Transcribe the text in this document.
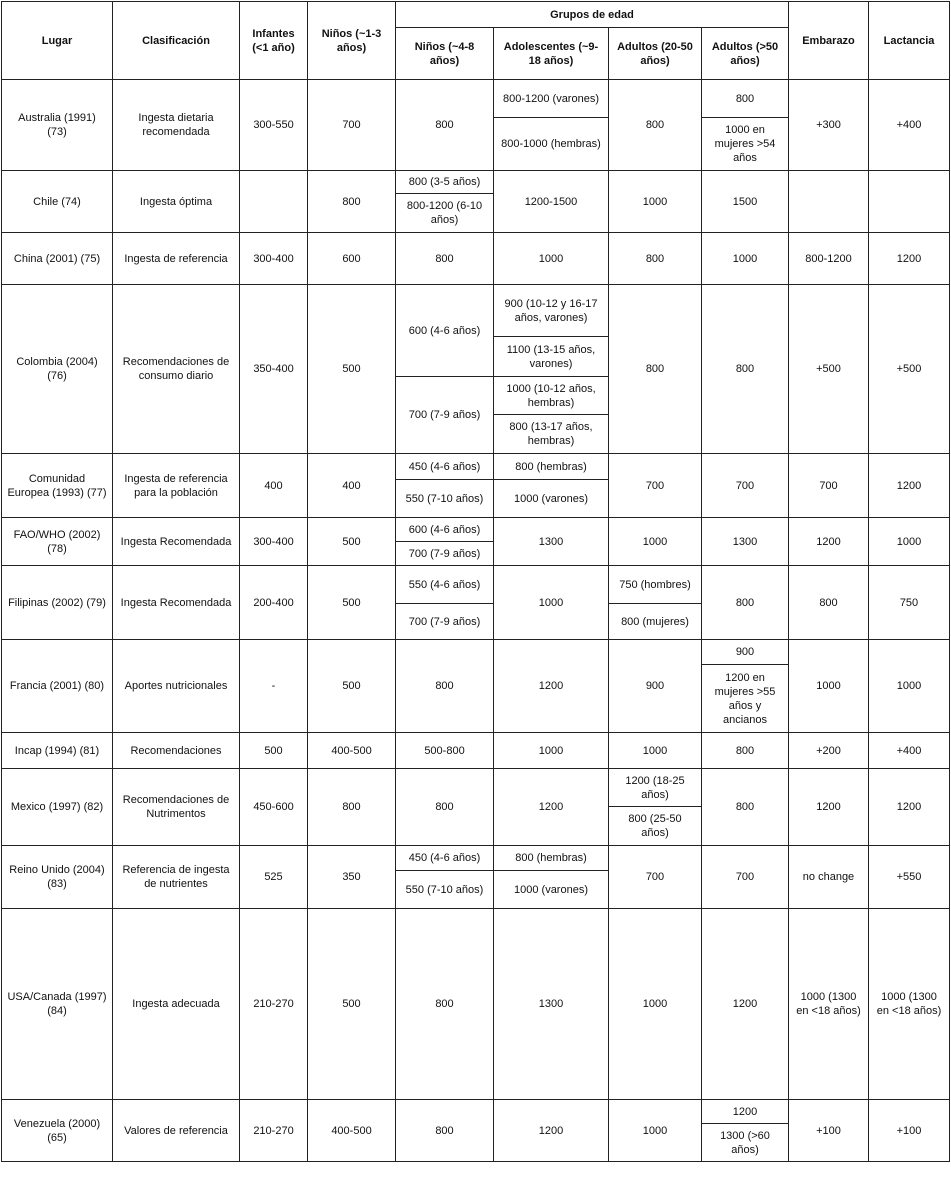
Lugar	Clasificación	Infantes (<1 año)	Niños (~1-3 años)	Grupos de edad				Embarazo	Lactancia
				Niños (~4-8 años)	Adolescentes (~9-18 años)	Adultos (20-50 años)	Adultos (>50 años)		
Australia (1991) (73)	Ingesta dietaria recomendada	300-550	700	800	800-1200 (varones)	800	800	+300	+400
					800-1000 (hembras)		1000 en mujeres >54 años		
Chile (74)	Ingesta óptima		800	800 (3-5 años)	1200-1500	1000	1500		
				800-1200 (6-10 años)					
China (2001) (75)	Ingesta de referencia	300-400	600	800	1000	800	1000	800-1200	1200
Colombia (2004) (76)	Recomendaciones de consumo diario	350-400	500	600 (4-6 años)	900 (10-12 y 16-17 años, varones)	800	800	+500	+500
					1100 (13-15 años, varones)				
				700 (7-9 años)	1000 (10-12 años, hembras)				
					800 (13-17 años, hembras)				
Comunidad Europea (1993) (77)	Ingesta de referencia para la población	400	400	450 (4-6 años)	800 (hembras)	700	700	700	1200
				550 (7-10 años)	1000 (varones)				
FAO/WHO (2002) (78)	Ingesta Recomendada	300-400	500	600 (4-6 años)	1300	1000	1300	1200	1000
				700 (7-9 años)					
Filipinas (2002) (79)	Ingesta Recomendada	200-400	500	550 (4-6 años)	1000	750 (hombres)	800	800	750
				700 (7-9 años)		800 (mujeres)			
Francia (2001) (80)	Aportes nutricionales	-	500	800	1200	900	900	1000	1000
							1200 en mujeres >55 años y ancianos		
Incap (1994) (81)	Recomendaciones	500	400-500	500-800	1000	1000	800	+200	+400
Mexico (1997) (82)	Recomendaciones de Nutrimentos	450-600	800	800	1200	1200 (18-25 años)	800	1200	1200
						800 (25-50 años)			
Reino Unido (2004) (83)	Referencia de ingesta de nutrientes	525	350	450 (4-6 años)	800 (hembras)	700	700	no change	+550
				550 (7-10 años)	1000 (varones)				
USA/Canada (1997) (84)	Ingesta adecuada	210-270	500	800	1300	1000	1200	1000 (1300 en <18 años)	1000 (1300 en <18 años)
Venezuela (2000) (65)	Valores de referencia	210-270	400-500	800	1200	1000	1200	+100	+100
							1300 (>60 años)		
